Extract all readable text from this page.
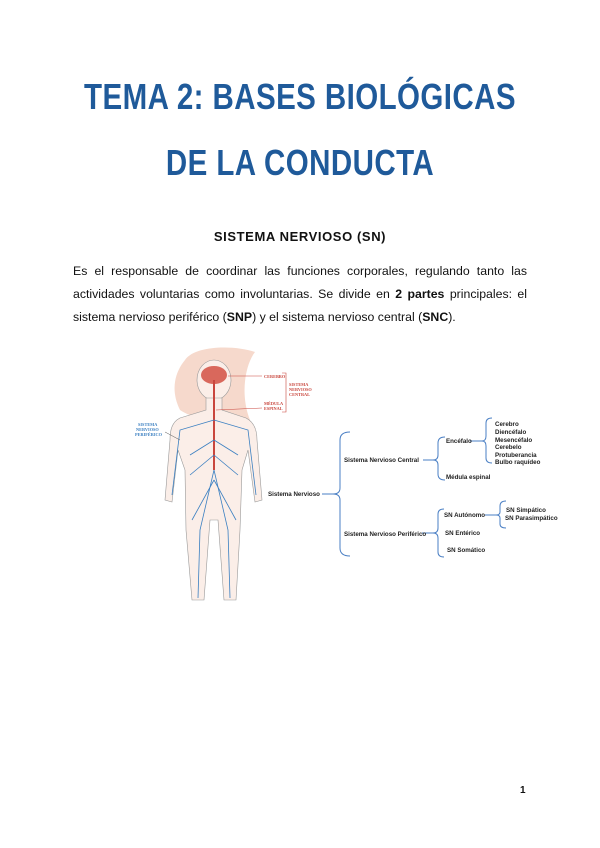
TEMA 2: BASES BIOLÓGICAS
DE LA CONDUCTA
SISTEMA NERVIOSO (SN)
Es el responsable de coordinar las funciones corporales, regulando tanto las actividades voluntarias como involuntarias. Se divide en 2 partes principales: el sistema nervioso periférico (SNP) y el sistema nervioso central (SNC).
CEREBRO
MÉDULA
ESPINAL
SISTEMA
NERVIOSO
CENTRAL
SISTEMA
NERVIOSO
PERIFÉRICO
Sistema Nervioso
Sistema Nervioso Central
Encéfalo
Cerebro
Diencéfalo
Mesencéfalo
Cerebelo
Protuberancia
Bulbo raquídeo
Médula espinal
Sistema Nervioso Periférico
SN Autónomo
SN Simpático
SN Parasimpático
SN Entérico
SN Somático
1
